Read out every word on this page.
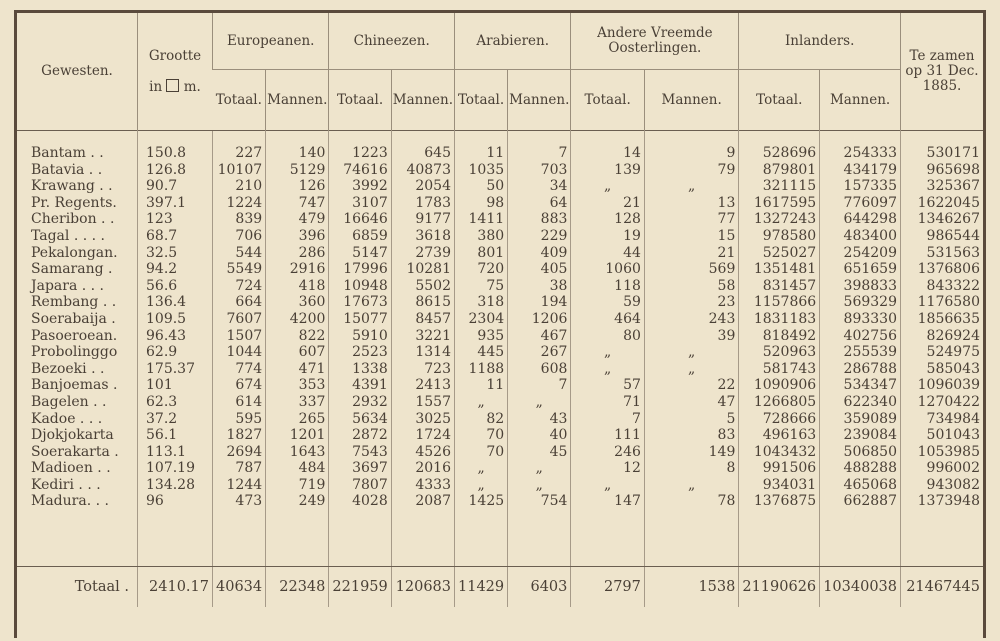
Gewesten.	Grootte

in m.	Europeanen.		Chineezen.		Arabieren.		Andere Vreemde Oosterlingen.		Inlanders.		Te zamen op 31 Dec. 1885.
		Totaal.	Mannen.	Totaal.	Mannen.	Totaal.	Mannen.	Totaal.	Mannen.	Totaal.	Mannen.	

Bantam . .	150.8	227	140	1223	645	11	7	14	9	528696	254333	530171
Batavia . .	126.8	10107	5129	74616	40873	1035	703	139	79	879801	434179	965698
Krawang . .	90.7	210	126	3992	2054	50	34	„	„	321115	157335	325367
Pr. Regents.	397.1	1224	747	3107	1783	98	64	21	13	1617595	776097	1622045
Cheribon . .	123	839	479	16646	9177	1411	883	128	77	1327243	644298	1346267
Tagal . . . .	68.7	706	396	6859	3618	380	229	19	15	978580	483400	986544
Pekalongan.	32.5	544	286	5147	2739	801	409	44	21	525027	254209	531563
Samarang .	94.2	5549	2916	17996	10281	720	405	1060	569	1351481	651659	1376806
Japara . . .	56.6	724	418	10948	5502	75	38	118	58	831457	398833	843322
Rembang . .	136.4	664	360	17673	8615	318	194	59	23	1157866	569329	1176580
Soerabaija .	109.5	7607	4200	15077	8457	2304	1206	464	243	1831183	893330	1856635
Pasoeroean.	96.43	1507	822	5910	3221	935	467	80	39	818492	402756	826924
Probolinggo	62.9	1044	607	2523	1314	445	267	„	„	520963	255539	524975
Bezoeki . .	175.37	774	471	1338	723	1188	608	„	„	581743	286788	585043
Banjoemas .	101	674	353	4391	2413	11	7	57	22	1090906	534347	1096039
Bagelen . .	62.3	614	337	2932	1557	„	„	71	47	1266805	622340	1270422
Kadoe . . .	37.2	595	265	5634	3025	82	43	7	5	728666	359089	734984
Djokjokarta	56.1	1827	1201	2872	1724	70	40	111	83	496163	239084	501043
Soerakarta .	113.1	2694	1643	7543	4526	70	45	246	149	1043432	506850	1053985
Madioen . .	107.19	787	484	3697	2016	„	„	12	8	991506	488288	996002
Kediri . . .	134.28	1244	719	7807	4333	„	„	„	„	934031	465068	943082
Madura. . .	96	473	249	4028	2087	1425	754	147	78	1376875	662887	1373948

Totaal .	2410.17	40634	22348	221959	120683	11429	6403	2797	1538	21190626	10340038	21467445
